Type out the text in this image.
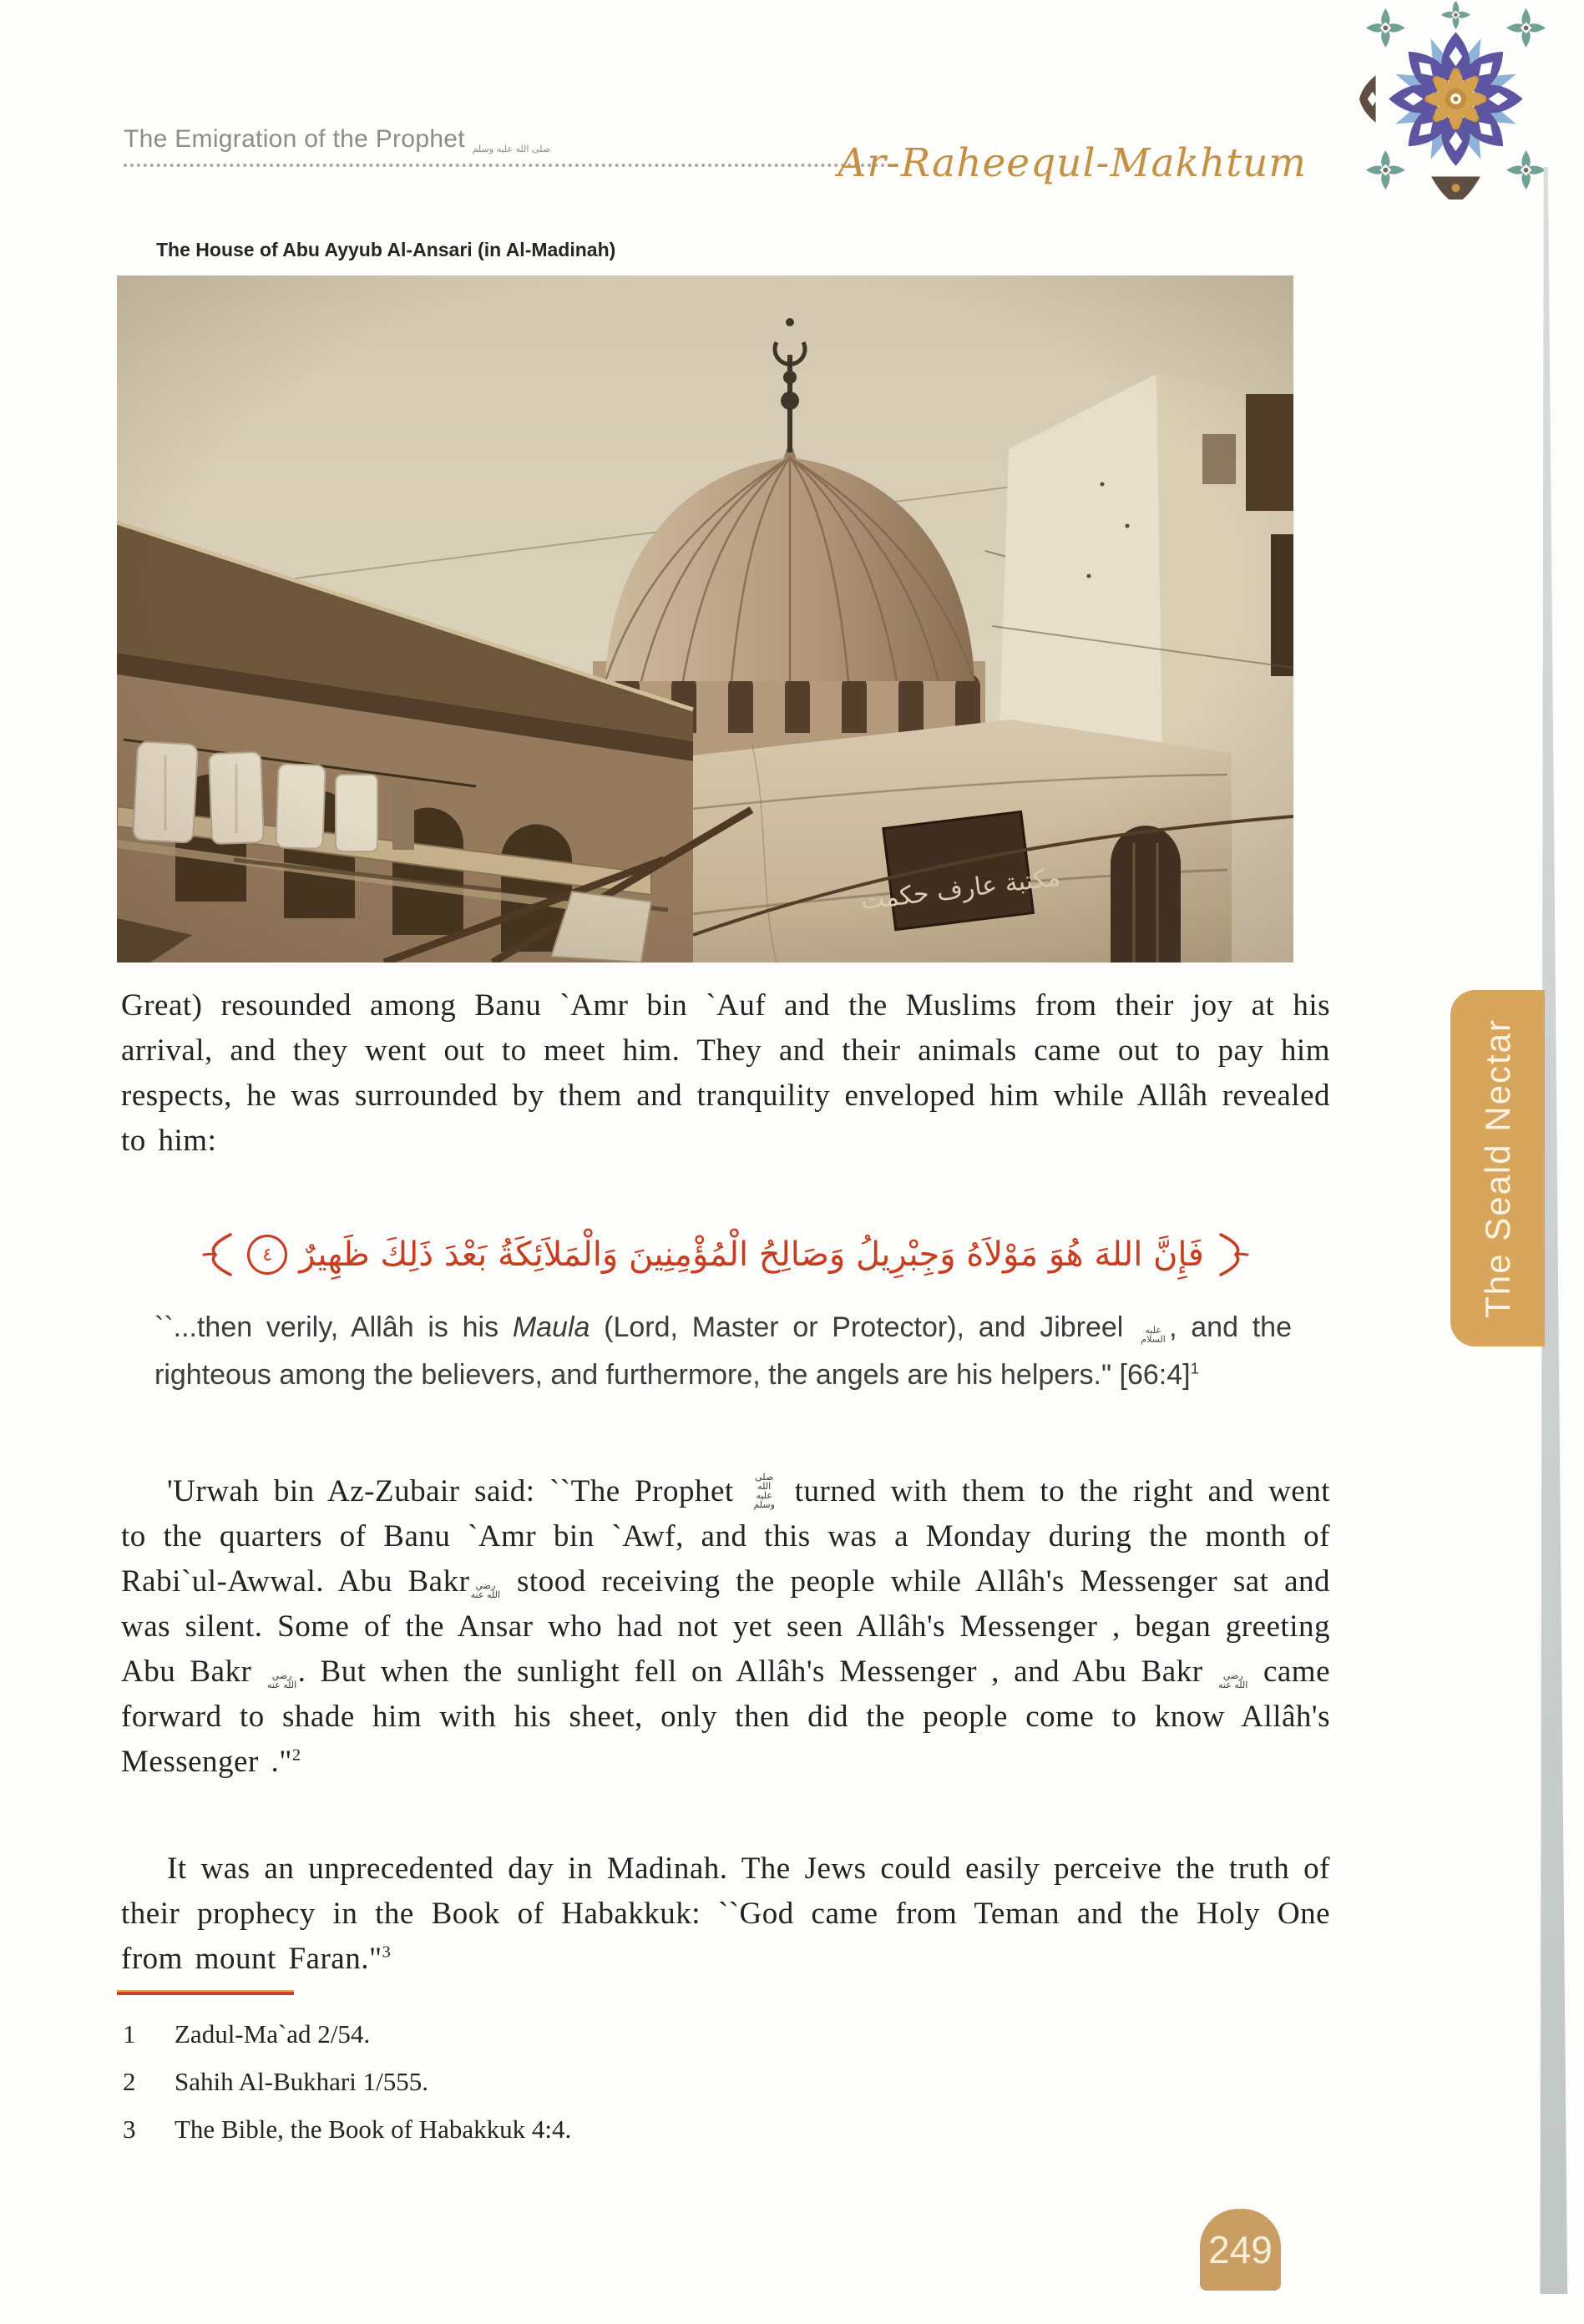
The Emigration of the Prophet صلى الله عليه وسلم	Ar-Raheequl-Makhtum
The House of Abu Ayyub Al-Ansari (in Al-Madinah)

Great) resounded among Banu `Amr bin `Auf and the Muslims from their joy at his arrival, and they went out to meet him. They and their animals came out to pay him respects, he was surrounded by them and tranquility enveloped him while Allâh revealed to him:

٤ فَإِنَّ اللهَ هُوَ مَوْلاَهُ وَجِبْرِيلُ وَصَالِحُ الْمُؤْمِنِينَ وَالْمَلاَئِكَةُ بَعْدَ ذَلِكَ ظَهِيرٌ
``...then verily, Allâh is his Maula (Lord, Master or Protector), and Jibreel عليه السلام , and the righteous among the believers, and furthermore, the angels are his helpers." [66:4]$^1$

'Urwah bin Az-Zubair said: ``The Prophet صلى الله عليه وسلم turned with them to the right and went to the quarters of Banu `Amr bin `Awf, and this was a Monday during the month of Rabi`ul-Awwal. Abu Bakr رضي الله عنه stood receiving the people while Allâh's Messenger sat and was silent. Some of the Ansar who had not yet seen Allâh's Messenger , began greeting Abu Bakr رضي الله عنه. But when the sunlight fell on Allâh's Messenger , and Abu Bakr رضي الله عنه came forward to shade him with his sheet, only then did the people come to know Allâh's Messenger ."$^2$

It was an unprecedented day in Madinah. The Jews could easily perceive the truth of their prophecy in the Book of Habakkuk: ``God came from Teman and the Holy One from mount Faran."$^3$

1	Zadul-Ma`ad 2/54.
2	Sahih Al-Bukhari 1/555.
3	The Bible, the Book of Habakkuk 4:4.
The Seald Nectar
249
